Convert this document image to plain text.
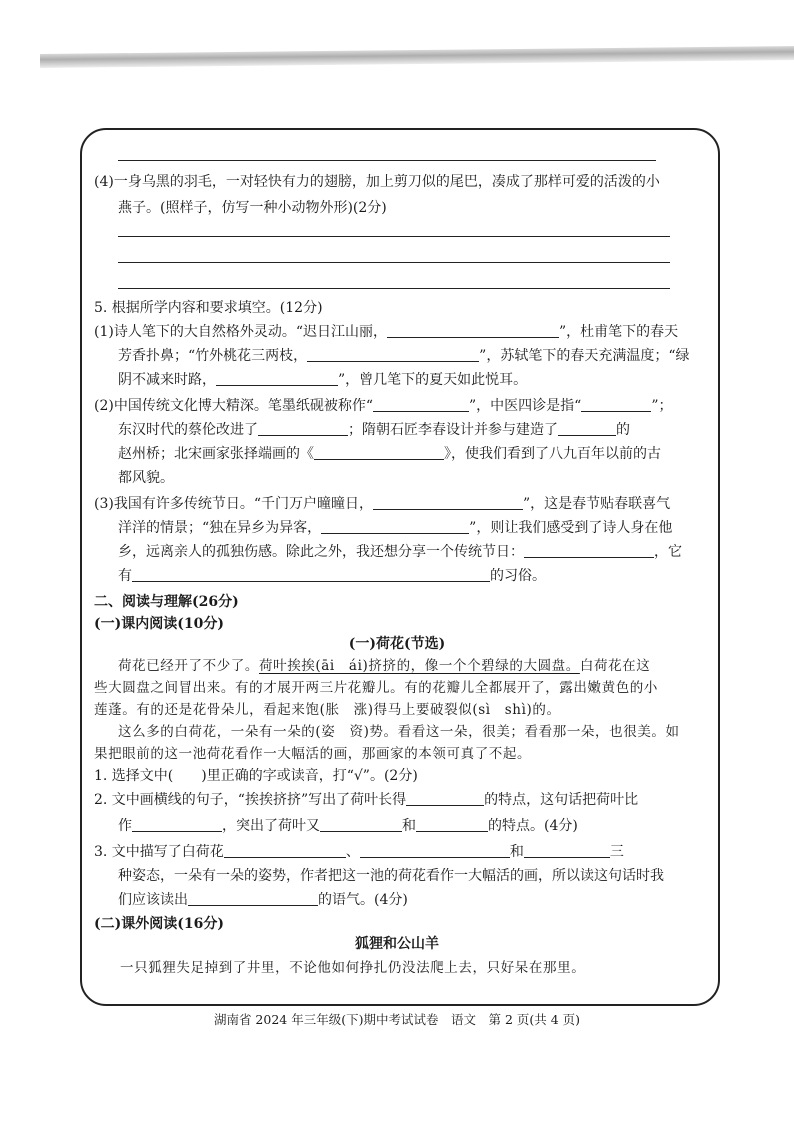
(4)一身乌黑的羽毛，一对轻快有力的翅膀，加上剪刀似的尾巴，凑成了那样可爱的活泼的小
燕子。(照样子，仿写一种小动物外形)(2分)
5. 根据所学内容和要求填空。(12分)
(1)诗人笔下的大自然格外灵动。“迟日江山丽，	”，杜甫笔下的春天
芳香扑鼻；“竹外桃花三两枝，	”，苏轼笔下的春天充满温度；“绿
阴不减来时路，	”，曾几笔下的夏天如此悦耳。
(2)中国传统文化博大精深。笔墨纸砚被称作“	”，中医四诊是指“	”；
东汉时代的蔡伦改进了	；隋朝石匠李春设计并参与建造了	的
赵州桥；北宋画家张择端画的《	》，使我们看到了八九百年以前的古
都风貌。
(3)我国有许多传统节日。“千门万户曈曈日，	”，这是春节贴春联喜气
洋洋的情景；“独在异乡为异客，	”，则让我们感受到了诗人身在他
乡，远离亲人的孤独伤感。除此之外，我还想分享一个传统节日：	，它
有	的习俗。
二、阅读与理解(26分)
(一)课内阅读(10分)
(一)荷花(节选)
荷花已经开了不少了。荷叶挨挨(āi　ái)挤挤的，像一个个碧绿的大圆盘。白荷花在这
些大圆盘之间冒出来。有的才展开两三片花瓣儿。有的花瓣儿全都展开了，露出嫩黄色的小
莲蓬。有的还是花骨朵儿，看起来饱(胀　涨)得马上要破裂似(sì　shì)的。
这么多的白荷花，一朵有一朵的(姿　资)势。看看这一朵，很美；看看那一朵，也很美。如
果把眼前的这一池荷花看作一大幅活的画，那画家的本领可真了不起。
1. 选择文中(　　)里正确的字或读音，打“√”。(2分)
2. 文中画横线的句子，“挨挨挤挤”写出了荷叶长得	的特点，这句话把荷叶比
作	，突出了荷叶又	和	的特点。(4分)
3. 文中描写了白荷花	、	和	三
种姿态，一朵有一朵的姿势，作者把这一池的荷花看作一大幅活的画，所以读这句话时我
们应该读出	的语气。(4分)
(二)课外阅读(16分)
狐狸和公山羊
一只狐狸失足掉到了井里，不论他如何挣扎仍没法爬上去，只好呆在那里。
湖南省 2024 年三年级(下)期中考试试卷　语文　第 2 页(共 4 页)
